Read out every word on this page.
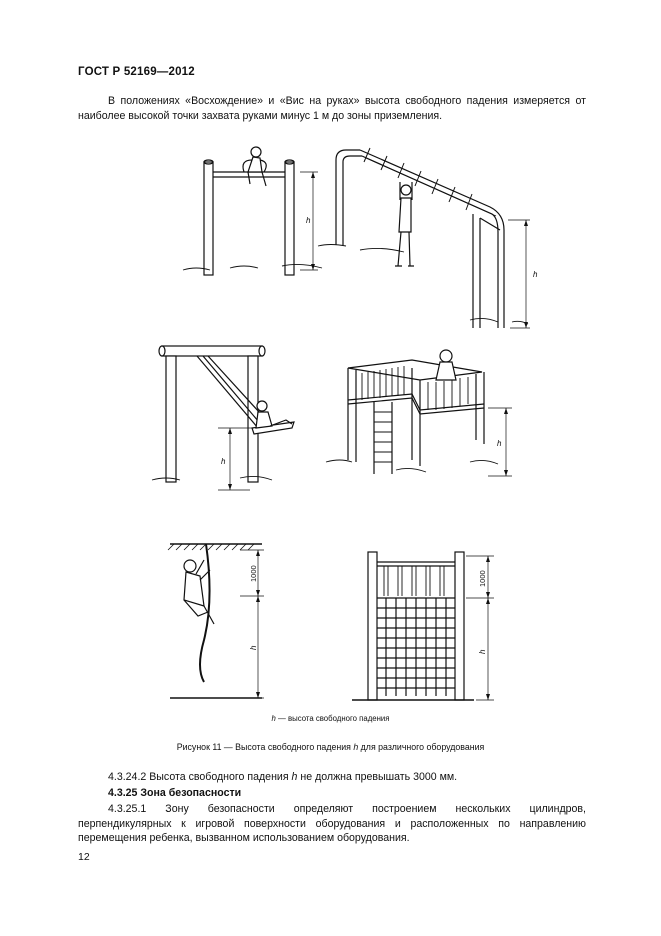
ГОСТ Р 52169—2012
В положениях «Восхождение» и «Вис на руках» высота свободного падения измеряется от наиболее высокой точки захвата руками минус 1 м до зоны приземления.
h
h
h
h
1000
h
1000
h
h — высота свободного падения
Рисунок 11 — Высота свободного падения h для различного оборудования
4.3.24.2 Высота свободного падения h не должна превышать 3000 мм.
4.3.25 Зона безопасности
4.3.25.1 Зону безопасности определяют построением нескольких цилиндров, перпендикулярных к игровой поверхности оборудования и расположенных по направлению перемещения ребенка, вызванном использованием оборудования.
12
